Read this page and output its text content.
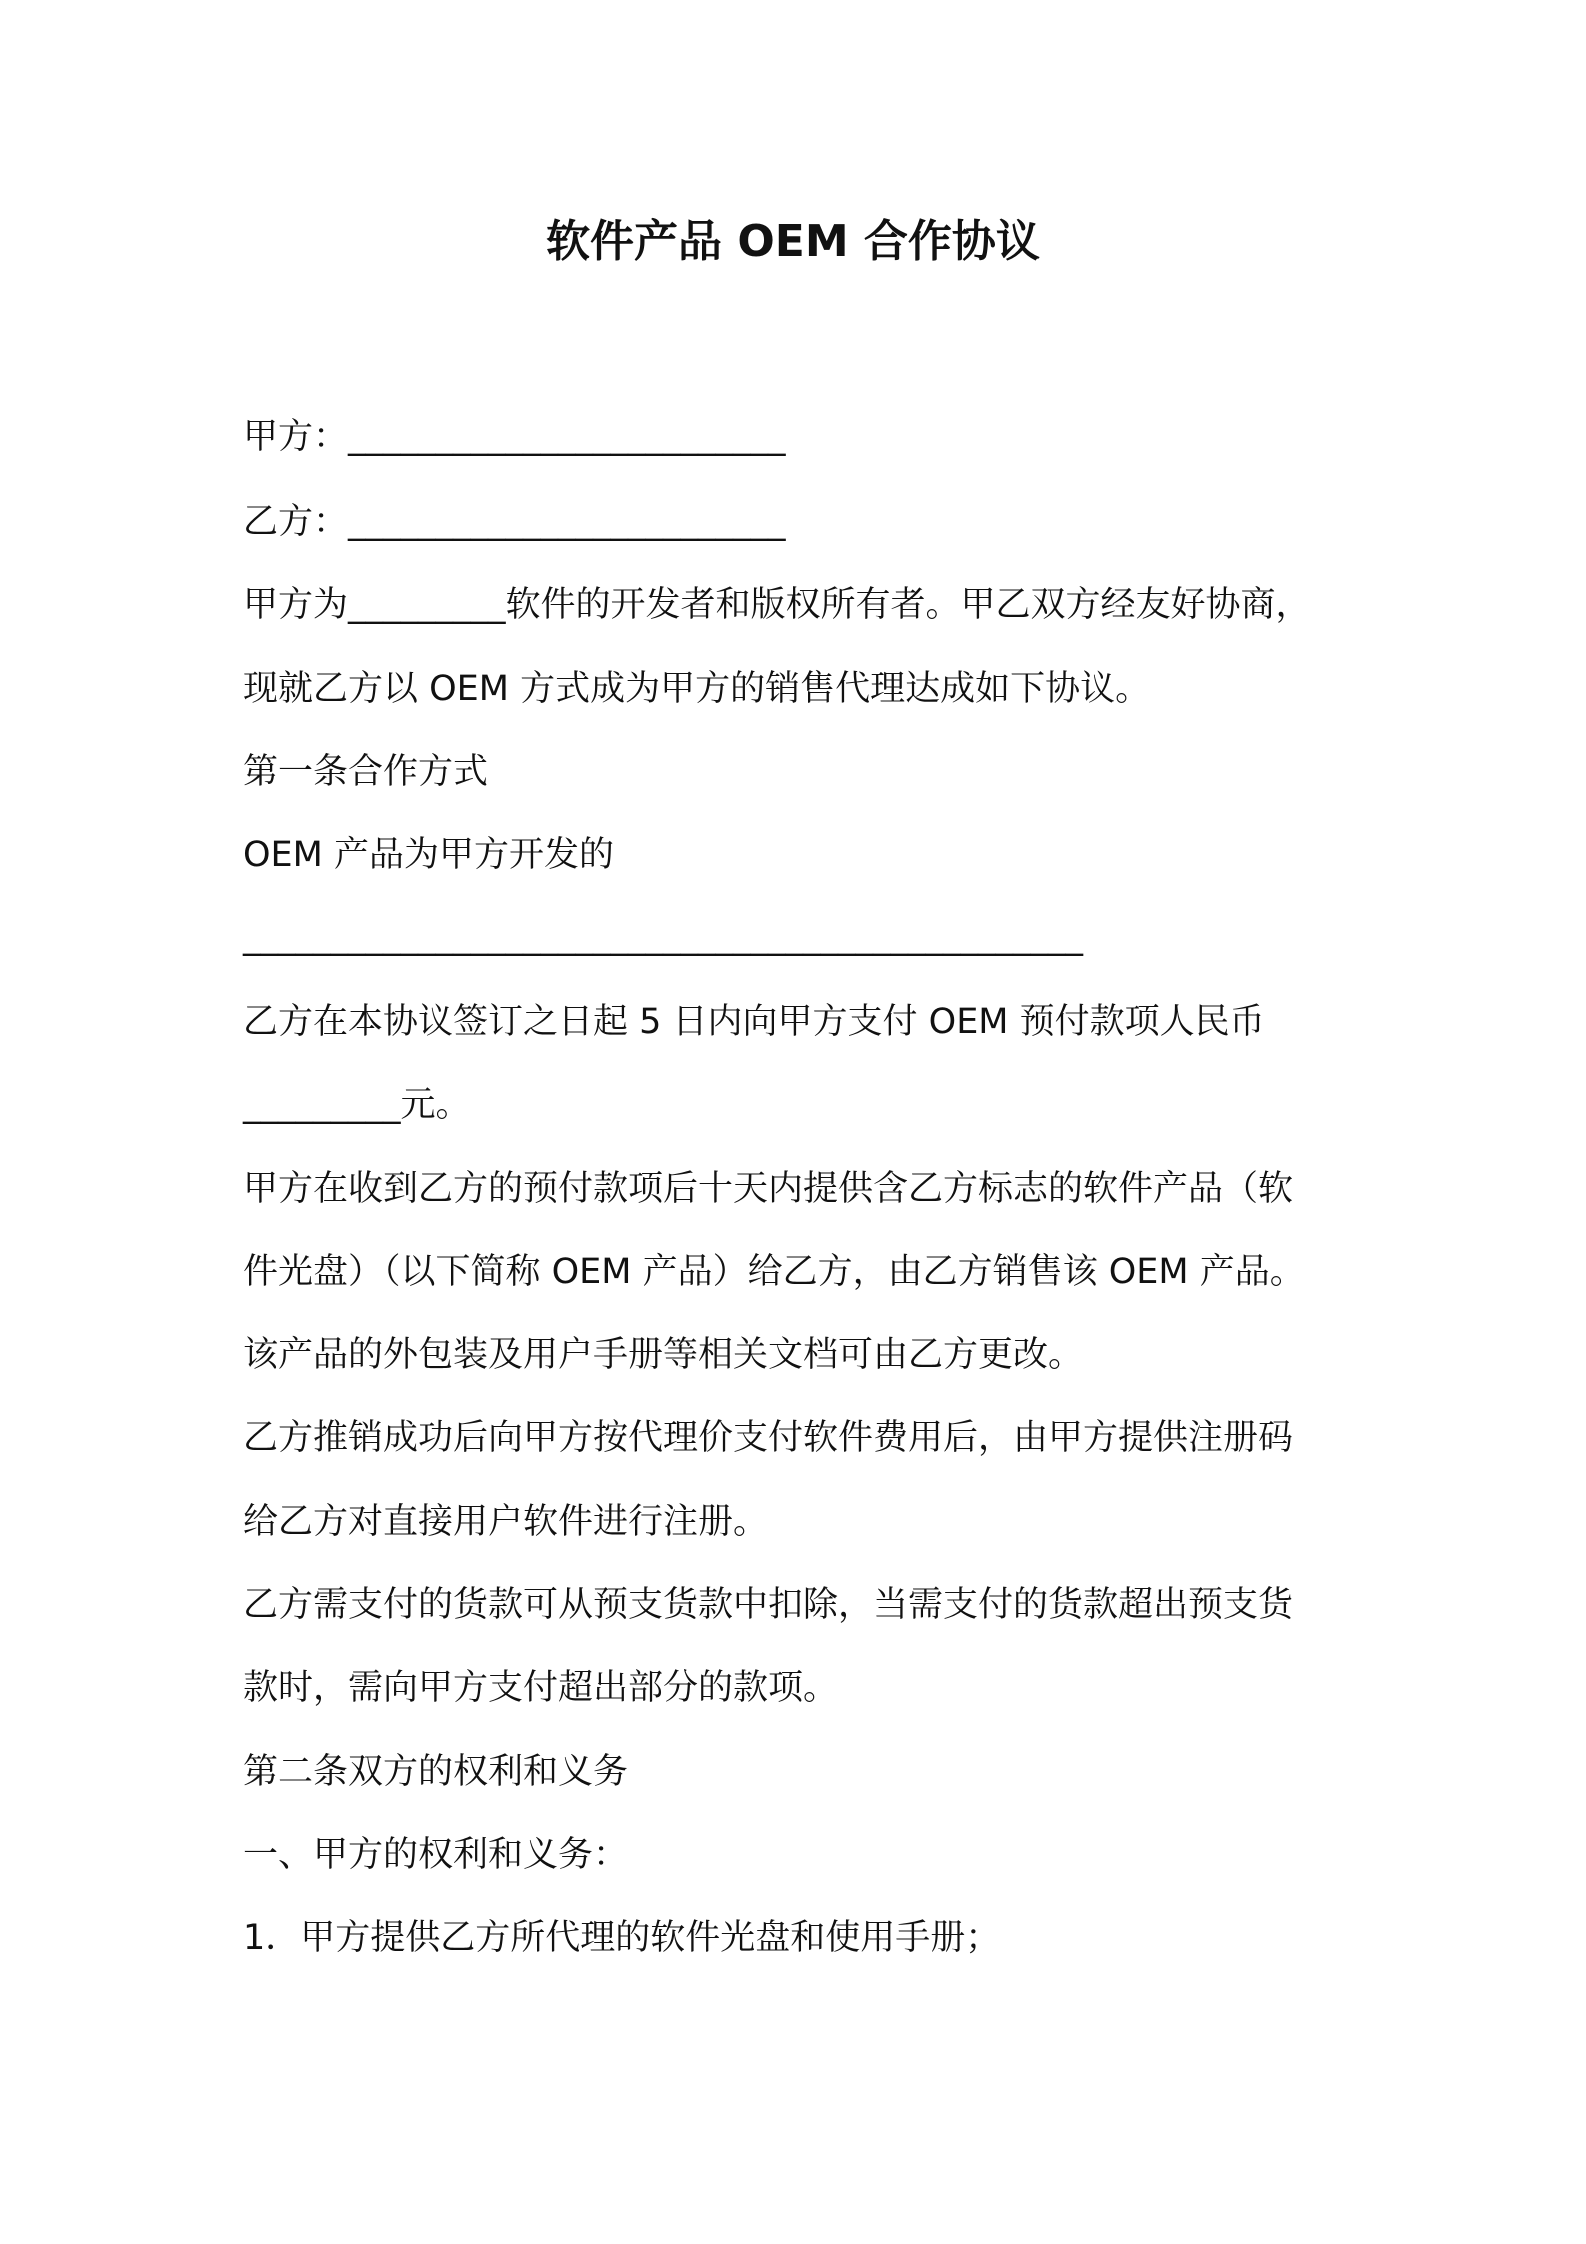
软件产品 OEM 合作协议
甲方：_________________________
乙方：_________________________
甲方为_________软件的开发者和版权所有者。甲乙双方经友好协商，
现就乙方以 OEM 方式成为甲方的销售代理达成如下协议。
第一条合作方式
OEM 产品为甲方开发的
________________________________________________
乙方在本协议签订之日起 5 日内向甲方支付 OEM 预付款项人民币
_________元。
甲方在收到乙方的预付款项后十天内提供含乙方标志的软件产品（软
件光盘）（以下简称 OEM 产品）给乙方，由乙方销售该 OEM 产品。
该产品的外包装及用户手册等相关文档可由乙方更改。
乙方推销成功后向甲方按代理价支付软件费用后，由甲方提供注册码
给乙方对直接用户软件进行注册。
乙方需支付的货款可从预支货款中扣除，当需支付的货款超出预支货
款时，需向甲方支付超出部分的款项。
第二条双方的权利和义务
一、甲方的权利和义务：
1．甲方提供乙方所代理的软件光盘和使用手册；
